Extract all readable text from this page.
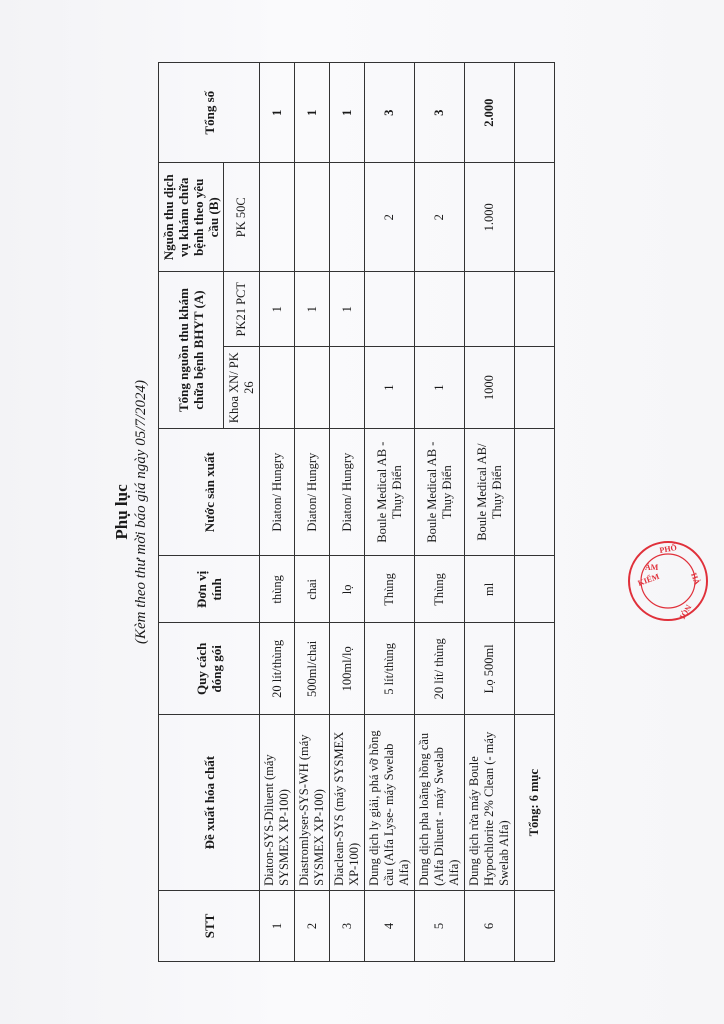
Phụ lục (Kèm theo thư mời báo giá ngày 05/7/2024)
STT	Đề xuất hóa chất	Quy cách đóng gói	Đơn vị tính	Nước sản xuất	Tổng nguồn thu khám chữa bệnh BHYT (A)		Nguồn thu dịch vụ khám chữa bệnh theo yêu cầu (B)	Tổng số
					Khoa XN/ PK 26	PK21 PCT	PK 50C	
1	Diaton-SYS-Diluent (máy SYSMEX XP-100)	20 lít/thùng	thùng	Diaton/ Hungry		1		1
2	Diastromlyser-SYS-WH (máy SYSMEX XP-100)	500ml/chai	chai	Diaton/ Hungry		1		1
3	Diaclean-SYS (máy SYSMEX XP-100)	100ml/lọ	lọ	Diaton/ Hungry		1		1
4	Dung dịch ly giải, phá vỡ hồng cầu (Alfa Lyse- máy Swelab Alfa)	5 lít/thùng	Thùng	Boule Medical AB - Thụy Điển	1		2	3
5	Dung dịch pha loãng hồng cầu (Alfa Diluent - máy Swelab Alfa)	20 lít/ thùng	Thùng	Boule Medical AB - Thụy Điển	1		2	3
6	Dung dịch rửa máy Boule Hypochlorite 2% Clean (- máy Swelab Alfa)	Lọ 500ml	ml	Boule Medical AB/ Thụy Điển	1000		1.000	2.000
	Tổng: 6 mục							
PHỐ
HÀ
NỘI
KIỂM
ÂM
